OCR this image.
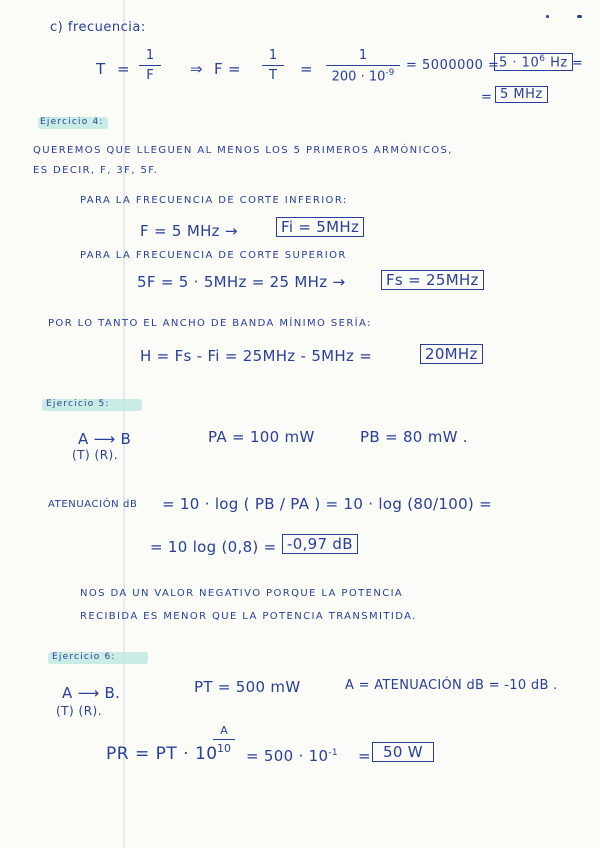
c) frecuencia:
T =
1
F	⇒ F =
1
T	=
1
$200 \cdot 10^{-9}$
= $5000000 = 5 \cdot 10^6$ Hz =
= 5 MHz
Ejercicio 4:
QUEREMOS QUE LLEGUEN AL MENOS LOS 5 PRIMEROS ARMÓNICOS,
ES DECIR, F, 3F, 5F.
PARA LA FRECUENCIA DE CORTE INFERIOR:
F = 5 MHz →	Fi = 5MHz
PARA LA FRECUENCIA DE CORTE SUPERIOR
5F = 5 · 5MHz = 25 MHz →	Fs = 25MHz
POR LO TANTO EL ANCHO DE BANDA MÍNIMO SERÍA:
H = Fs - Fi = 25MHz - 5MHz =	20MHz
Ejercicio 5:
A ⟶ B
(T) (R).
PA = 100 mW	PB = 80 mW .
ATENUACIÓN dB = 10 · log ( PB / PA ) = 10 · log (80/100) =
= 10 log (0,8) = -0,97 dB
NOS DA UN VALOR NEGATIVO PORQUE LA POTENCIA
RECIBIDA ES MENOR QUE LA POTENCIA TRANSMITIDA.
Ejercicio 6:
A ⟶ B.
(T) (R).
PT = 500 mW	A = ATENUACIÓN dB = -10 dB .
PR = PT · 10
A
$10 = 500 \cdot 10^{-1} = 50$ W
